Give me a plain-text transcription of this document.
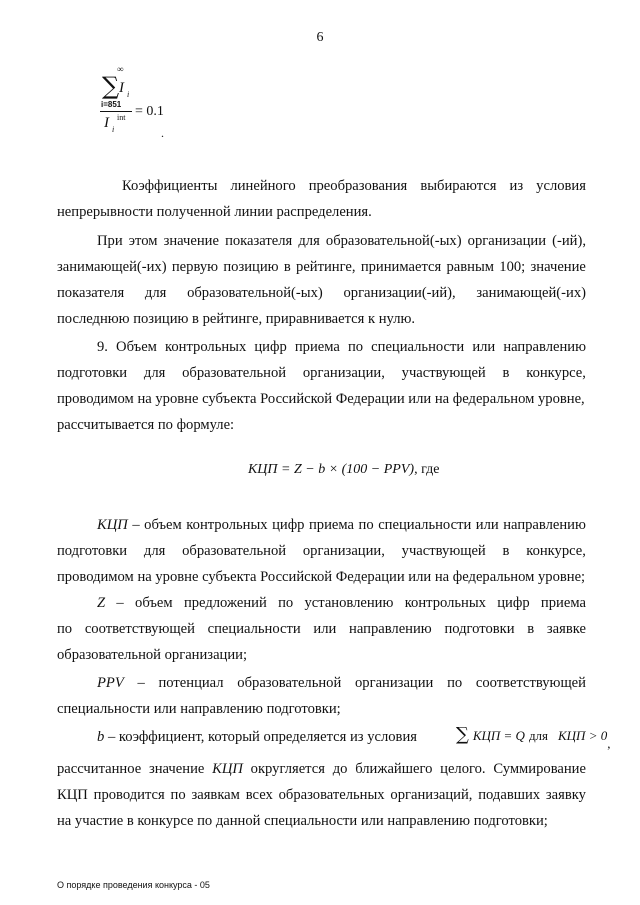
6
∞
∑ I i
i=851
I i
int = 0.1
.
Коэффициенты линейного преобразования выбираются из условия
непрерывности полученной линии распределения.
При этом значение показателя для образовательной(-ых) организации (-ий),
занимающей(-их) первую позицию в рейтинге, принимается равным 100; значение
показателя для образовательной(-ых) организации(-ий), занимающей(-их)
последнюю позицию в рейтинге, приравнивается к нулю.
9. Объем контрольных цифр приема по специальности или направлению
подготовки для образовательной организации, участвующей в конкурсе,
проводимом на уровне субъекта Российской Федерации или на федеральном уровне,
рассчитывается по формуле:
КЦП = Z − b × (100 − PPV), где
КЦП – объем контрольных цифр приема по специальности или направлению
подготовки для образовательной организации, участвующей в конкурсе,
проводимом на уровне субъекта Российской Федерации или на федеральном уровне;
Z – объем предложений по установлению контрольных цифр приема
по соответствующей специальности или направлению подготовки в заявке
образовательной организации;
PPV – потенциал образовательной организации по соответствующей
специальности или направлению подготовки;
b – коэффициент, который определяется из условия ∑ КЦП = Q для КЦП > $0_,$
рассчитанное значение КЦП округляется до ближайшего целого. Суммирование
КЦП проводится по заявкам всех образовательных организаций, подавших заявку
на участие в конкурсе по данной специальности или направлению подготовки;
О порядке проведения конкурса - 05
